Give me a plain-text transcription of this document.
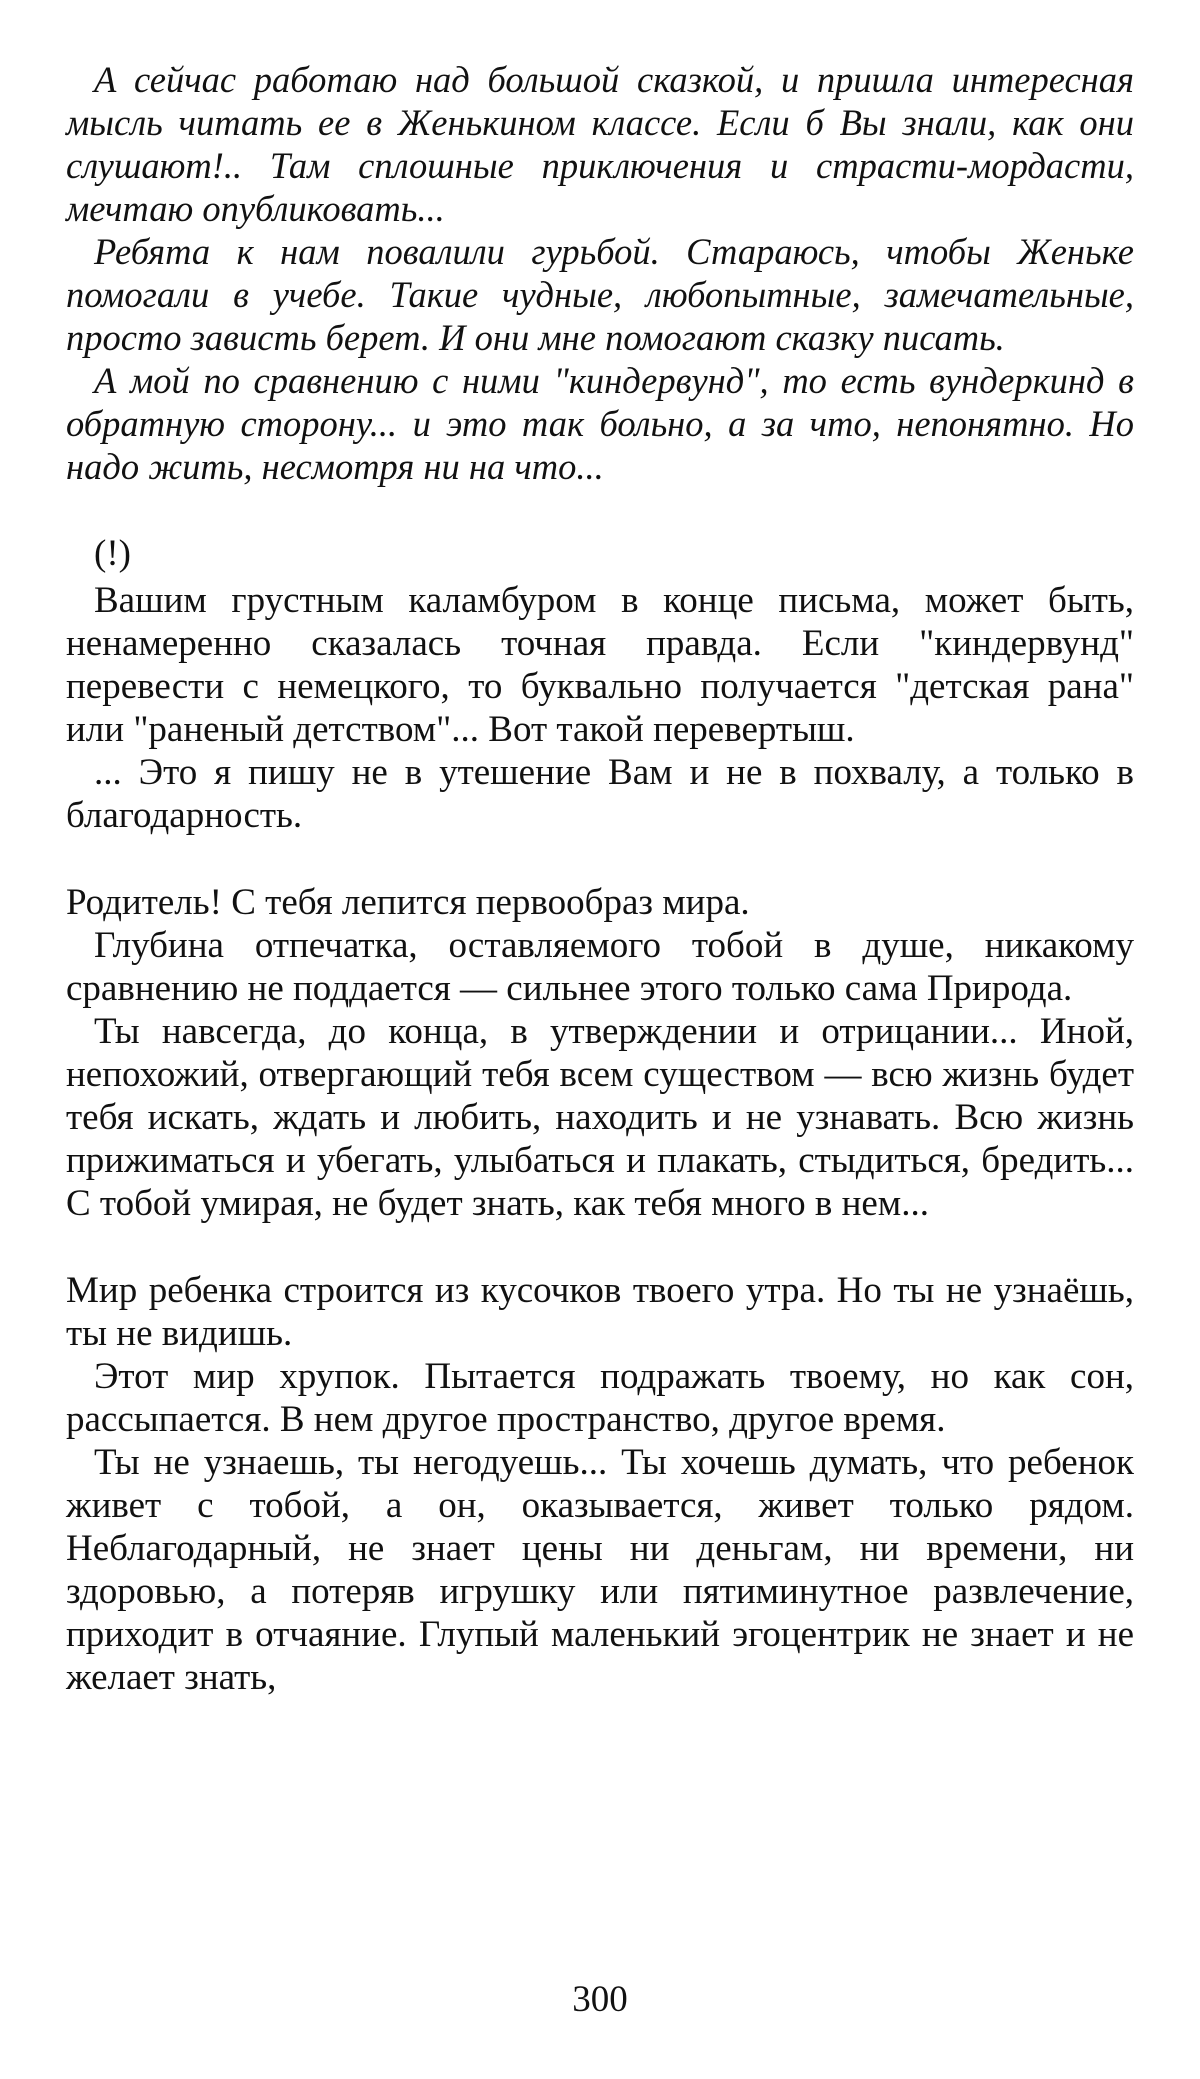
А сейчас работаю над большой сказкой, и пришла интересная мысль читать ее в Женькином классе. Если б Вы знали, как они слушают!.. Там сплошные приключения и страсти-мордасти, мечтаю опубликовать...

Ребята к нам повалили гурьбой. Стараюсь, чтобы Женьке помогали в учебе. Такие чудные, любопытные, замечательные, просто зависть берет. И они мне помогают сказку писать.

А мой по сравнению с ними "киндервунд", то есть вундеркинд в обратную сторону... и это так больно, а за что, непонятно. Но надо жить, несмотря ни на что...

(!)

Вашим грустным каламбуром в конце письма, может быть, ненамеренно сказалась точная правда. Если "киндервунд" перевести с немецкого, то буквально получается "детская рана" или "раненый детством"... Вот такой перевертыш.

... Это я пишу не в утешение Вам и не в похвалу, а только в благодарность.

Родитель! С тебя лепится первообраз мира.

Глубина отпечатка, оставляемого тобой в душе, никакому сравнению не поддается — сильнее этого только сама Природа.

Ты навсегда, до конца, в утверждении и отрицании... Иной, непохожий, отвергающий тебя всем существом — всю жизнь будет тебя искать, ждать и любить, находить и не узнавать. Всю жизнь прижиматься и убегать, улыбаться и плакать, стыдиться, бредить... С тобой умирая, не будет знать, как тебя много в нем...

Мир ребенка строится из кусочков твоего утра. Но ты не узнаёшь, ты не видишь.

Этот мир хрупок. Пытается подражать твоему, но как сон, рассыпается. В нем другое пространство, другое время.

Ты не узнаешь, ты негодуешь... Ты хочешь думать, что ребенок живет с тобой, а он, оказывается, живет только рядом. Неблагодарный, не знает цены ни деньгам, ни времени, ни здоровью, а потеряв игрушку или пятиминутное развлечение, приходит в отчаяние. Глупый маленький эгоцентрик не знает и не желает знать,

300
